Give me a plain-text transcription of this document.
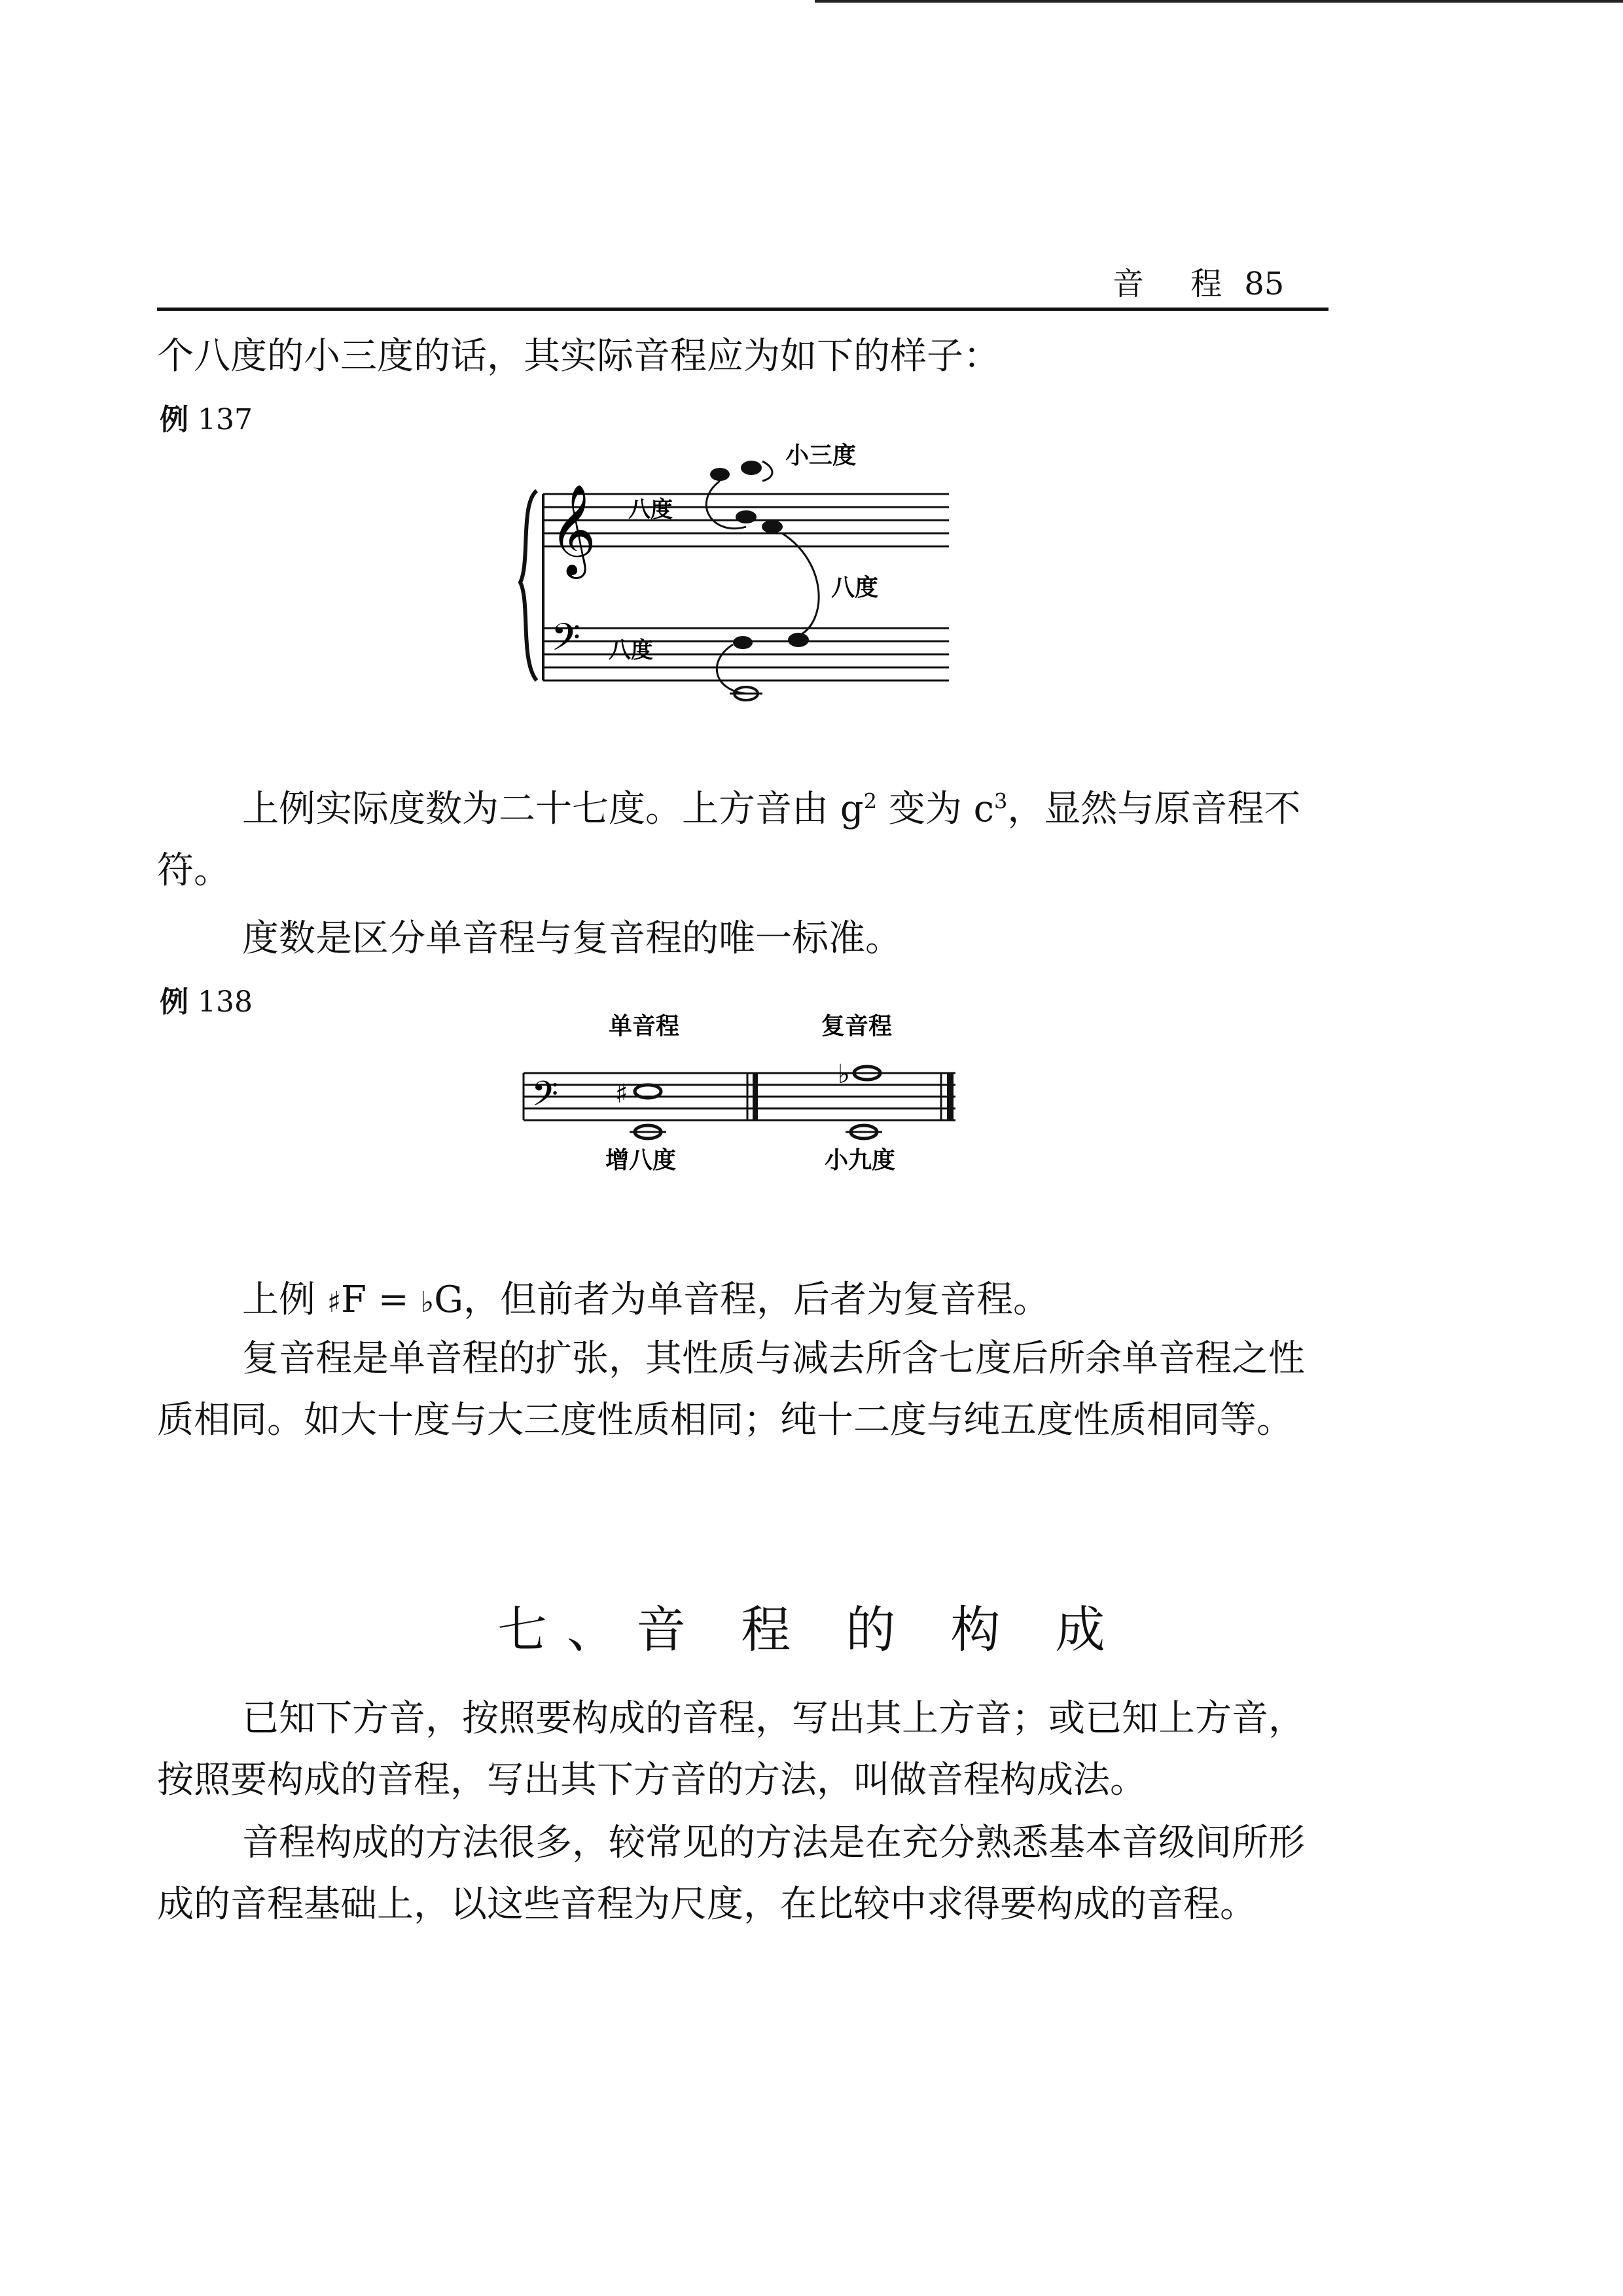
音 程 85
个八度的小三度的话，其实际音程应为如下的样子：
例 137
𝄞
𝄢
八度
小三度
八度
八度
上例实际度数为二十七度。上方音由 $g^2$ 变为 $c^3$，显然与原音程不符。
度数是区分单音程与复音程的唯一标准。
例 138
单音程	复音程
𝄢 ♯
♭
增八度	小九度
上例 ♯F = ♭G，但前者为单音程，后者为复音程。
复音程是单音程的扩张，其性质与减去所含七度后所余单音程之性质相同。如大十度与大三度性质相同；纯十二度与纯五度性质相同等。
七、音 程 的 构 成
已知下方音，按照要构成的音程，写出其上方音；或已知上方音，按照要构成的音程，写出其下方音的方法，叫做音程构成法。
音程构成的方法很多，较常见的方法是在充分熟悉基本音级间所形成的音程基础上，以这些音程为尺度，在比较中求得要构成的音程。
